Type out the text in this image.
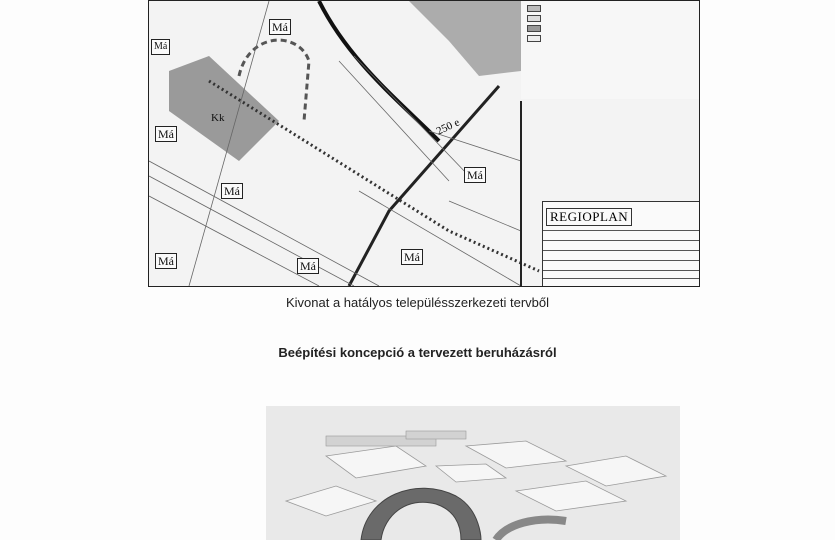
Má
Má
Má
Má	Má
Má
Má
Má
Kk	250 e
REGIOPLAN
Kivonat a hatályos településszerkezeti tervből
Beépítési koncepció a tervezett beruházásról
